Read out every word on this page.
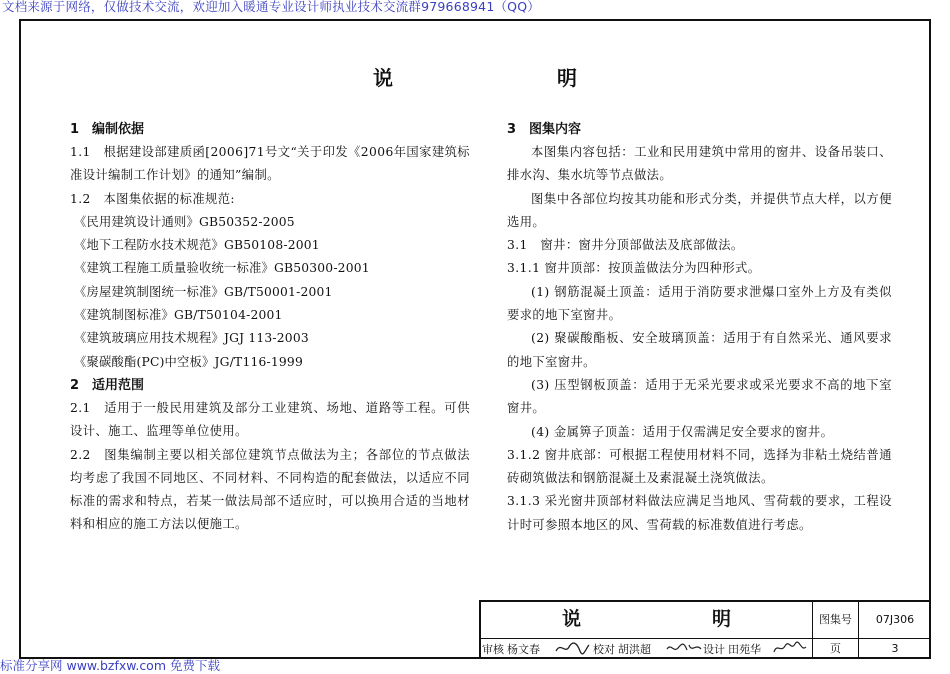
文档来源于网络，仅做技术交流，欢迎加入暖通专业设计师执业技术交流群979668941（QQ）
说　明
1　编制依据
1.1　根据建设部建质函[2006]71号文“关于印发《2006年国家建筑标准设计编制工作计划》的通知”编制。
1.2　本图集依据的标准规范:
《民用建筑设计通则》GB50352-2005
《地下工程防水技术规范》GB50108-2001
《建筑工程施工质量验收统一标准》GB50300-2001
《房屋建筑制图统一标准》GB/T50001-2001
《建筑制图标准》GB/T50104-2001
《建筑玻璃应用技术规程》JGJ 113-2003
《聚碳酸酯(PC)中空板》JG/T116-1999
2　适用范围
2.1　适用于一般民用建筑及部分工业建筑、场地、道路等工程。可供设计、施工、监理等单位使用。
2.2　图集编制主要以相关部位建筑节点做法为主；各部位的节点做法均考虑了我国不同地区、不同材料、不同构造的配套做法，以适应不同标准的需求和特点，若某一做法局部不适应时，可以换用合适的当地材料和相应的施工方法以便施工。
3　图集内容
本图集内容包括：工业和民用建筑中常用的窗井、设备吊装口、排水沟、集水坑等节点做法。
图集中各部位均按其功能和形式分类，并提供节点大样，以方便选用。
3.1　窗井：窗井分顶部做法及底部做法。
3.1.1 窗井顶部：按顶盖做法分为四种形式。
(1) 钢筋混凝土顶盖：适用于消防要求泄爆口室外上方及有类似要求的地下室窗井。
(2) 聚碳酸酯板、安全玻璃顶盖：适用于有自然采光、通风要求的地下室窗井。
(3) 压型钢板顶盖：适用于无采光要求或采光要求不高的地下室窗井。
(4) 金属箅子顶盖：适用于仅需满足安全要求的窗井。
3.1.2 窗井底部：可根据工程使用材料不同，选择为非粘土烧结普通砖砌筑做法和钢筋混凝土及素混凝土浇筑做法。
3.1.3 采光窗井顶部材料做法应满足当地风、雪荷载的要求，工程设计时可参照本地区的风、雪荷载的标准数值进行考虑。
说　明	图集号	07J306
页	3
审核 杨文春	校对 胡洪超	设计 田苑华
标准分享网 www.bzfxw.com 免费下载
